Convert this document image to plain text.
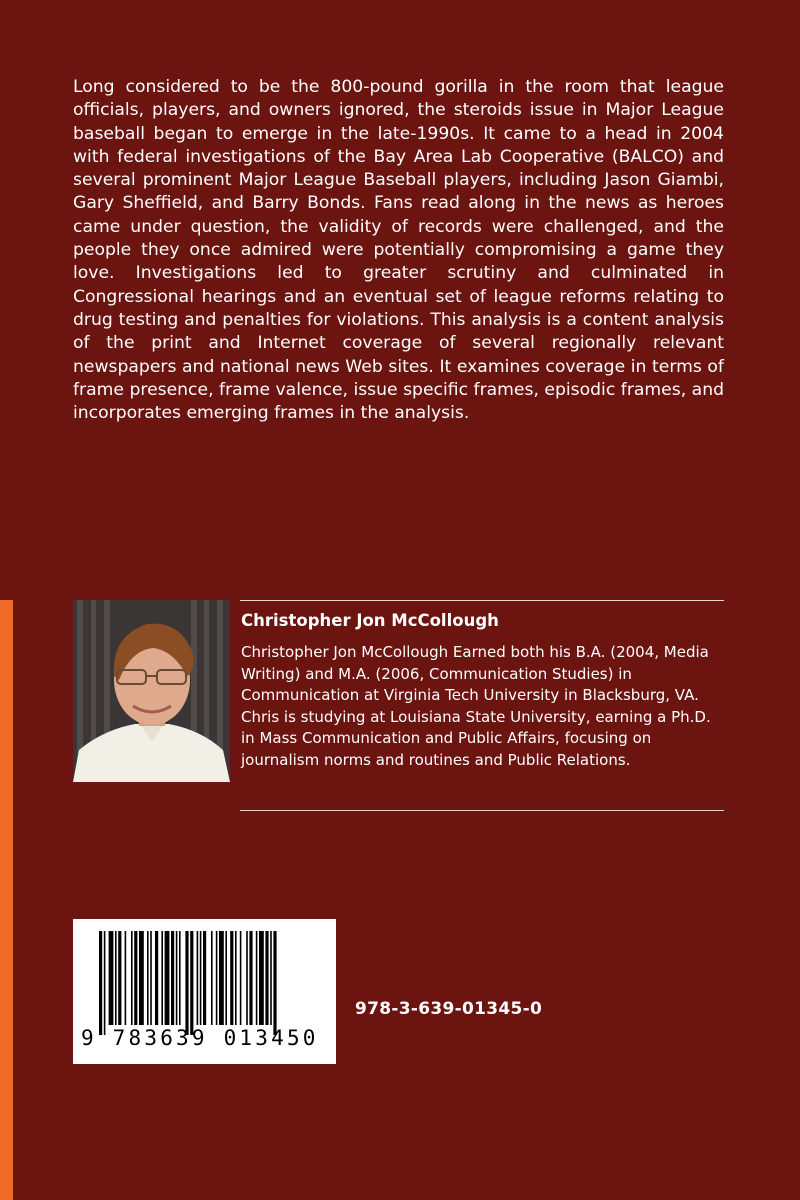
Long considered to be the 800-pound gorilla in the room that league officials, players, and owners ignored, the steroids issue in Major League baseball began to emerge in the late-1990s. It came to a head in 2004 with federal investigations of the Bay Area Lab Cooperative (BALCO) and several prominent Major League Baseball players, including Jason Giambi, Gary Sheffield, and Barry Bonds. Fans read along in the news as heroes came under question, the validity of records were challenged, and the people they once admired were potentially compromising a game they love. Investigations led to greater scrutiny and culminated in Congressional hearings and an eventual set of league reforms relating to drug testing and penalties for violations. This analysis is a content analysis of the print and Internet coverage of several regionally relevant newspapers and national news Web sites. It examines coverage in terms of frame presence, frame valence, issue specific frames, episodic frames, and incorporates emerging frames in the analysis.

Christopher Jon McCollough

Christopher Jon McCollough Earned both his B.A. (2004, Media Writing) and M.A. (2006, Communication Studies) in Communication at Virginia Tech University in Blacksburg, VA. Chris is studying at Louisiana State University, earning a Ph.D. in Mass Communication and Public Affairs, focusing on journalism norms and routines and Public Relations.

9 783639 013450

978-3-639-01345-0
